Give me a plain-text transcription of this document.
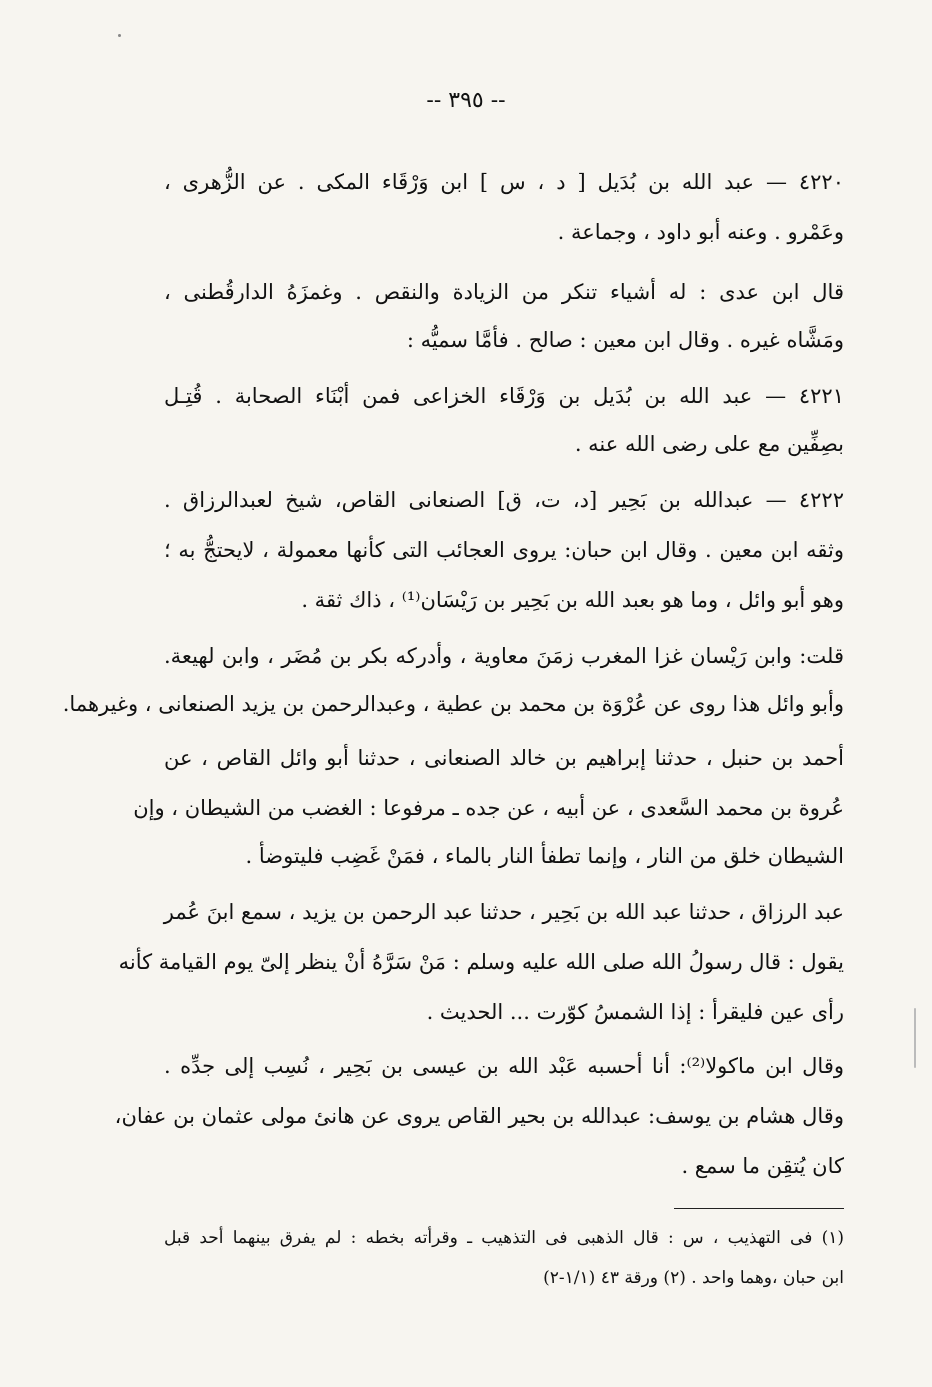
-- ٣٩٥ --
٤٢٢٠ — عبد الله بن بُدَيل [ د ، س ] ابن وَرْقَاء المكى . عن الزُّهرى ،
وعَمْرو . وعنه أبو داود ، وجماعة .
قال ابن عدى : له أشياء تنكر من الزيادة والنقص . وغمزَهُ الدارقُطنى ،
ومَشَّاه غيره . وقال ابن معين : صالح . فأمَّا سميُّه :
٤٢٢١ — عبد الله بن بُدَيل بن وَرْقَاء الخزاعى فمن أبْنَاء الصحابة . قُتِـل
بصِفِّين مع على رضى الله عنه .
٤٢٢٢ — عبدالله بن بَحِير [د، ت، ق] الصنعانى القاص، شيخ لعبدالرزاق .
وثقه ابن معين . وقال ابن حبان: يروى العجائب التى كأنها معمولة ، لايحتجُّ به ؛
وهو أبو وائل ، وما هو بعبد الله بن بَحِير بن رَيْسَان⁽¹⁾ ، ذاك ثقة .
قلت: وابن رَيْسان غزا المغرب زمَنَ معاوية ، وأدركه بكر بن مُضَر ، وابن لهيعة.
وأبو وائل هذا روى عن عُرْوَة بن محمد بن عطية ، وعبدالرحمن بن يزيد الصنعانى ، وغيرهما.
أحمد بن حنبل ، حدثنا إبراهيم بن خالد الصنعانى ، حدثنا أبو وائل القاص ، عن
عُروة بن محمد السَّعدى ، عن أبيه ، عن جده ـ مرفوعا : الغضب من الشيطان ، وإن
الشيطان خلق من النار ، وإنما تطفأ النار بالماء ، فمَنْ غَضِب فليتوضأ .
عبد الرزاق ، حدثنا عبد الله بن بَحِير ، حدثنا عبد الرحمن بن يزيد ، سمع ابنَ عُمر
يقول : قال رسولُ الله صلى الله عليه وسلم : مَنْ سَرَّهُ أنْ ينظر إلىّ يوم القيامة كأنه
رأى عين فليقرأ : إذا الشمسُ كوّرت ... الحديث .
وقال ابن ماكولا⁽²⁾: أنا أحسبه عَبْد الله بن عيسى بن بَحِير ، نُسِب إلى جدِّه .
وقال هشام بن يوسف: عبدالله بن بحير القاص يروى عن هانئ مولى عثمان بن عفان،
كان يُتقِن ما سمع .
(١) فى التهذيب ، س : قال الذهبى فى التذهيب ـ وقرأته بخطه : لم يفرق بينهما أحد قبل
ابن حبان ،وهما واحد . (٢) ورقة ٤٣ (١/١-٢)
